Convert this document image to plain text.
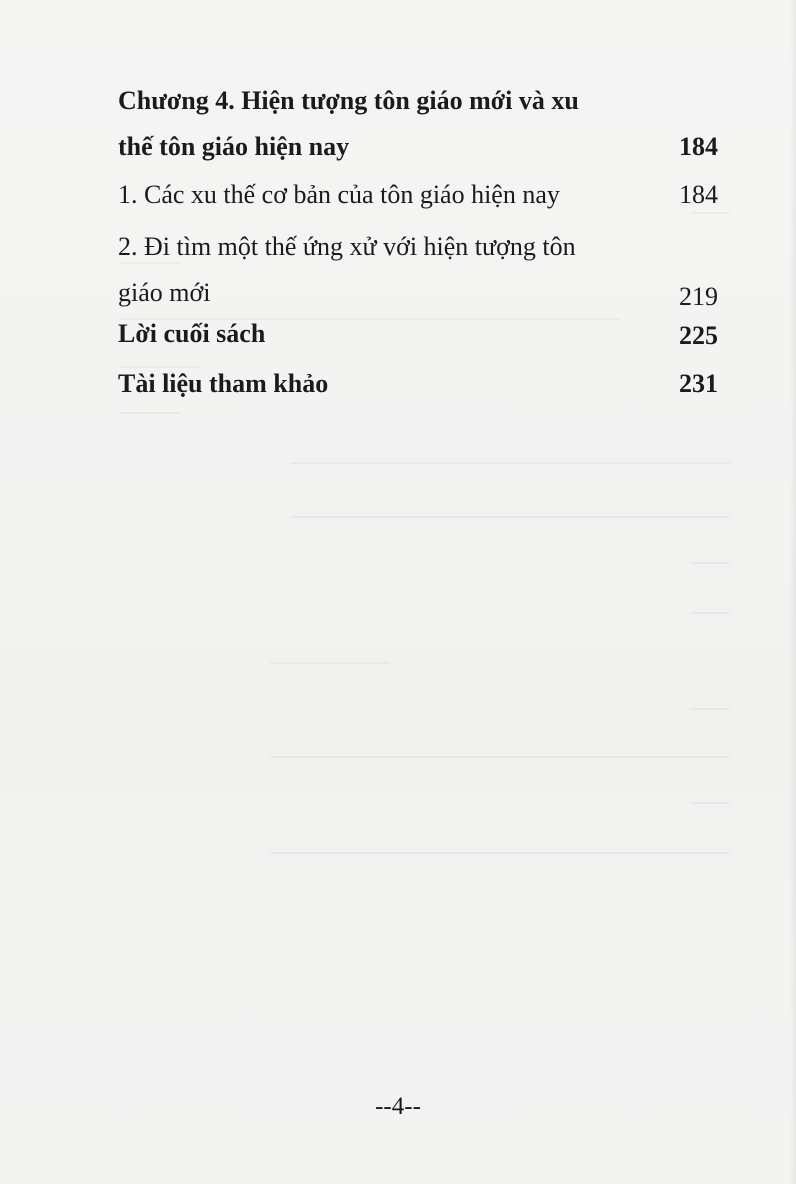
Chương 4. Hiện tượng tôn giáo mới và xu
thế tôn giáo hiện nay	184
1. Các xu thế cơ bản của tôn giáo hiện nay	184
2. Đi tìm một thế ứng xử với hiện tượng tôn
giáo mới	219
Lời cuối sách	225
Tài liệu tham khảo	231
--4--
